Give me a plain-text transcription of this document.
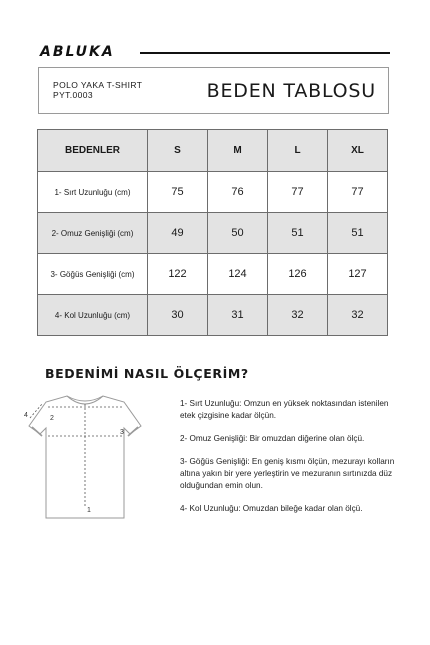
ABLUKA
POLO YAKA T-SHIRT
PYT.0003	BEDEN TABLOSU
BEDENLER	S	M	L	XL
1- Sırt Uzunluğu (cm)	75	76	77	77
2- Omuz Genişliği (cm)	49	50	51	51
3- Göğüs Genişliği (cm)	122	124	126	127
4- Kol Uzunluğu (cm)	30	31	32	32
BEDENİMİ NASIL ÖLÇERİM?
4	2
3
1

1- Sırt Uzunluğu: Omzun en yüksek noktasından istenilen etek çizgisine kadar ölçün.

2- Omuz Genişliği: Bir omuzdan diğerine olan ölçü.

3- Göğüs Genişliği: En geniş kısmı ölçün, mezurayı kolların altına yakın bir yere yerleştirin ve mezuranın sırtınızda düz olduğundan emin olun.

4- Kol Uzunluğu: Omuzdan bileğe kadar olan ölçü.
